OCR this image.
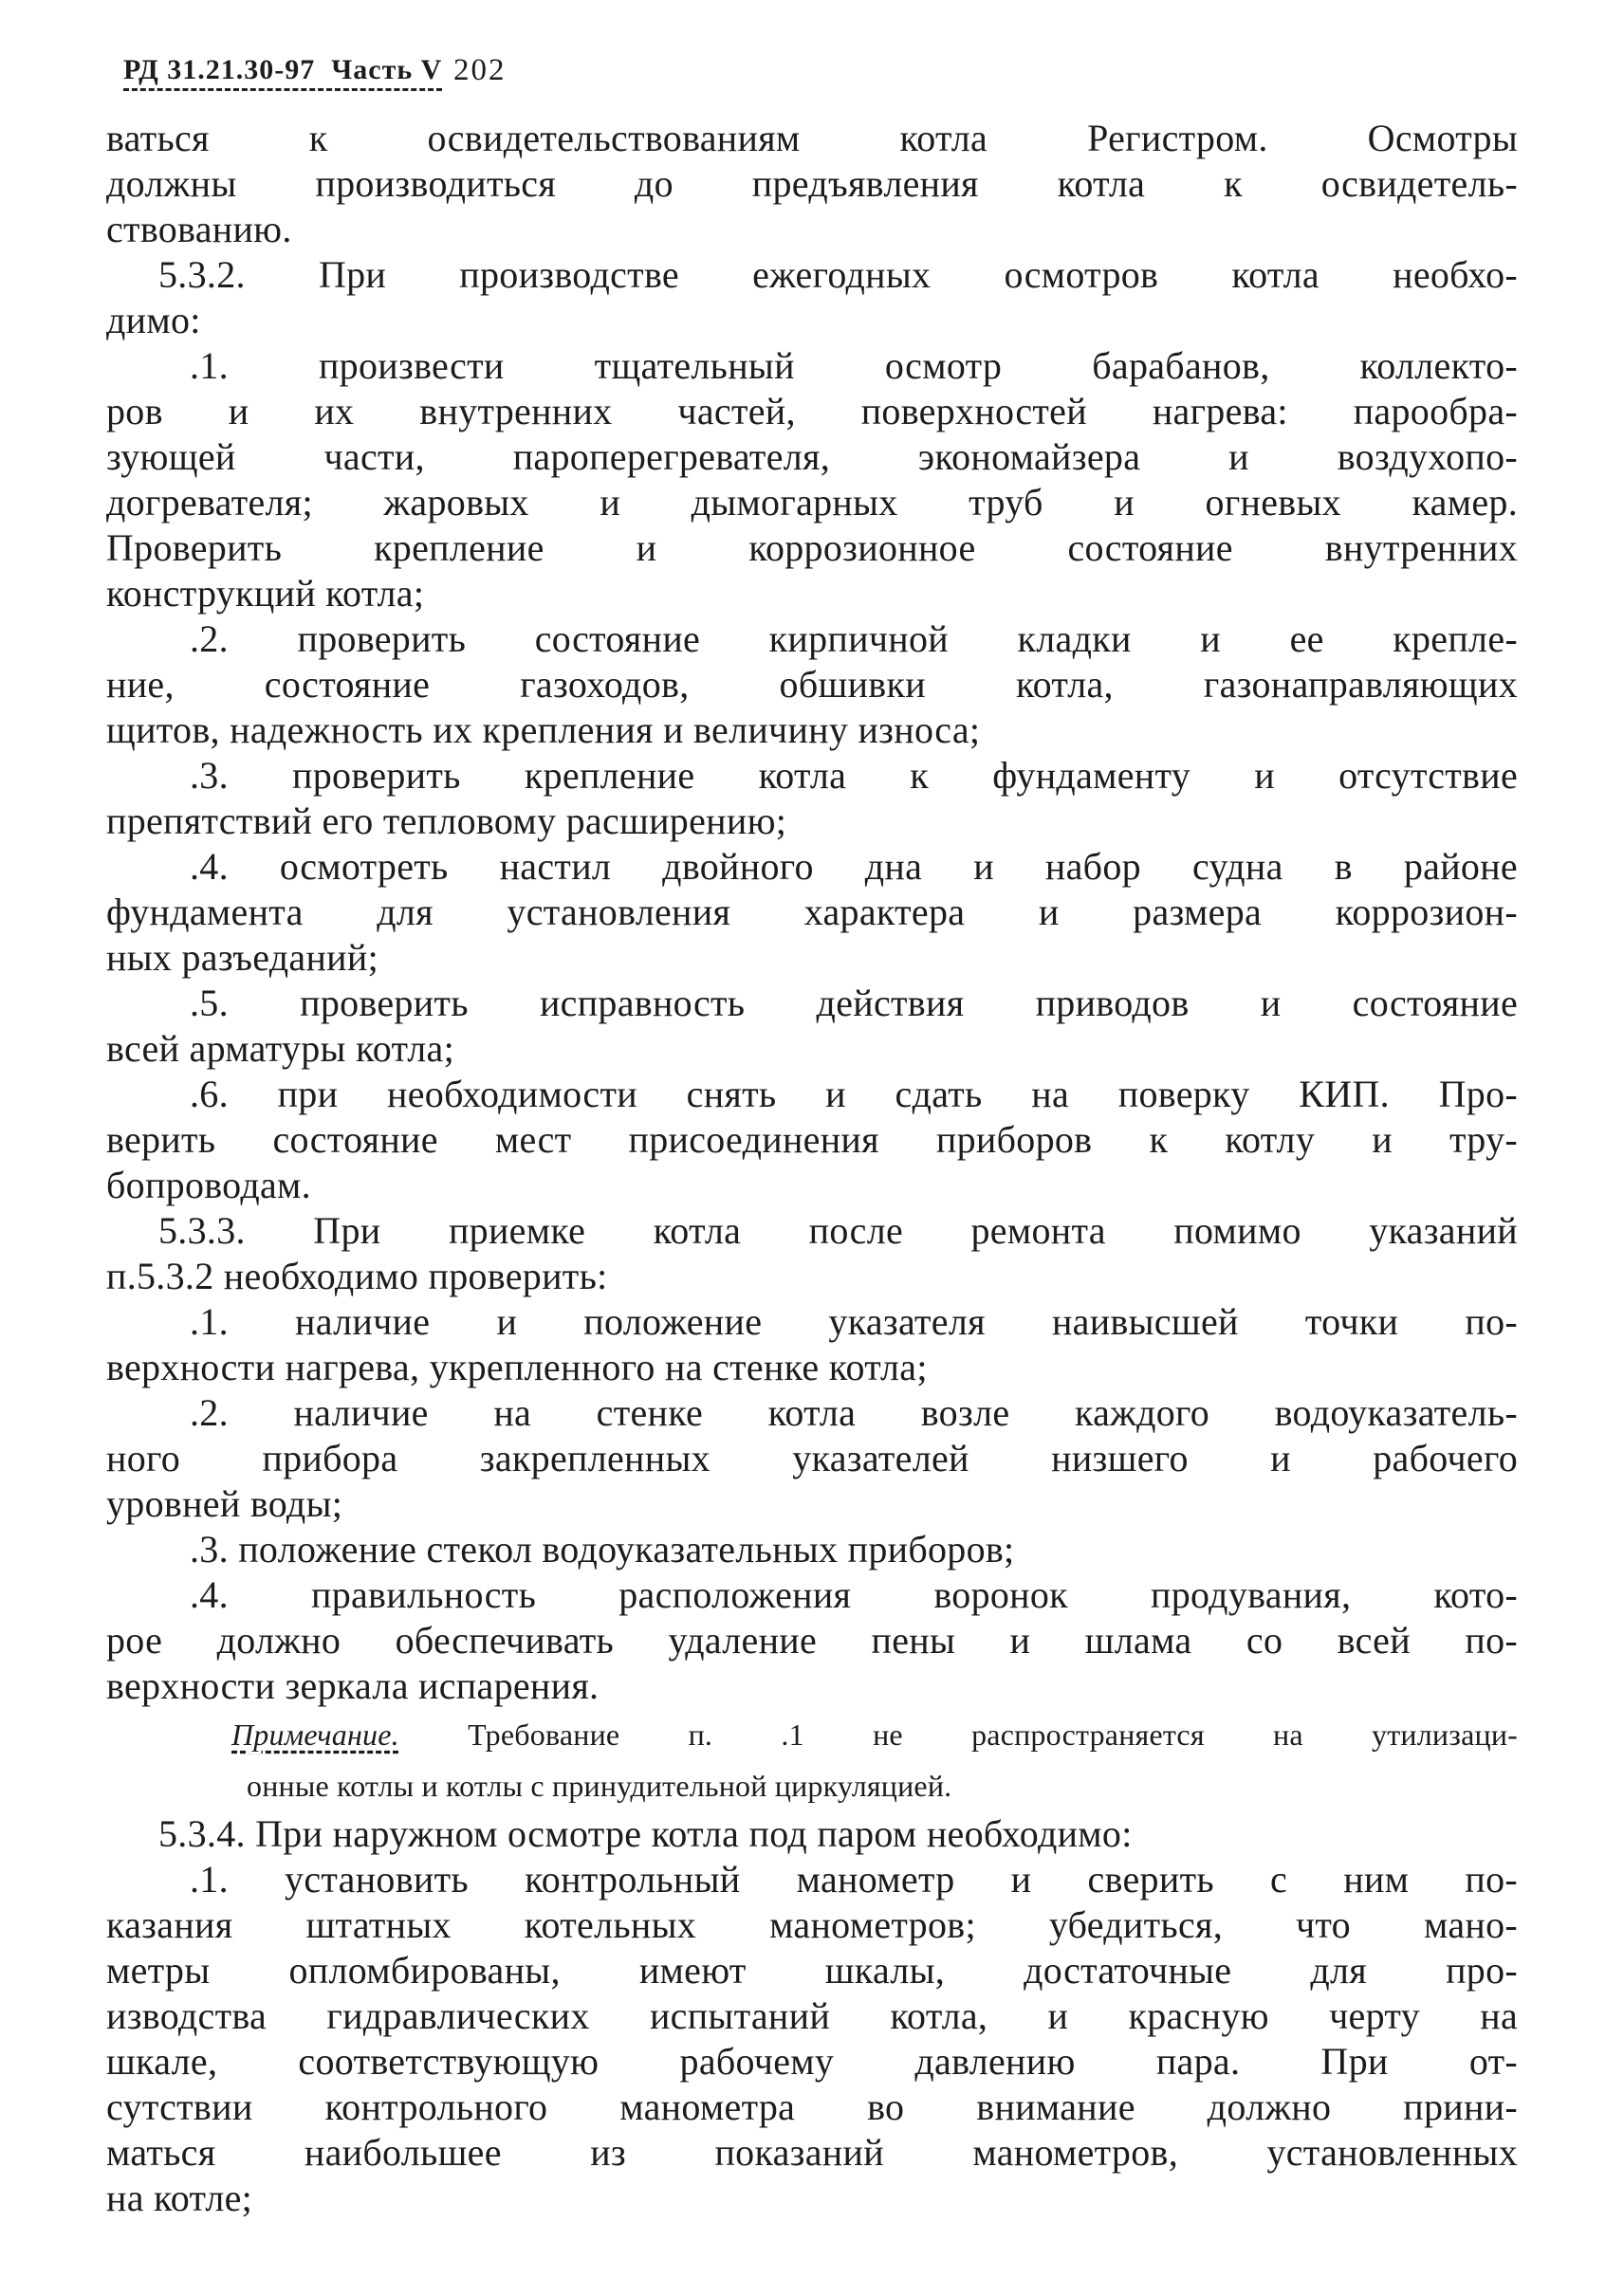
РД 31.21.30-97  Часть V 202
ваться к освидетельствованиям котла Регистром. Осмотры
должны производиться до предъявления котла к освидетель-
ствованию.
5.3.2. При производстве ежегодных осмотров котла необхо-
димо:
.1. произвести тщательный осмотр барабанов, коллекто-
ров и их внутренних частей, поверхностей нагрева: парообра-
зующей части, пароперегревателя, экономайзера и воздухопо-
догревателя; жаровых и дымогарных труб и огневых камер.
Проверить крепление и коррозионное состояние внутренних
конструкций котла;
.2. проверить состояние кирпичной кладки и ее крепле-
ние, состояние газоходов, обшивки котла, газонаправляющих
щитов, надежность их крепления и величину износа;
.3. проверить крепление котла к фундаменту и отсутствие
препятствий его тепловому расширению;
.4. осмотреть настил двойного дна и набор судна в районе
фундамента для установления характера и размера коррозион-
ных разъеданий;
.5. проверить исправность действия приводов и состояние
всей арматуры котла;
.6. при необходимости снять и сдать на поверку КИП. Про-
верить состояние мест присоединения приборов к котлу и тру-
бопроводам.
5.3.3. При приемке котла после ремонта помимо указаний
п.5.3.2 необходимо проверить:
.1. наличие и положение указателя наивысшей точки по-
верхности нагрева, укрепленного на стенке котла;
.2. наличие на стенке котла возле каждого водоуказатель-
ного прибора закрепленных указателей низшего и рабочего
уровней воды;
.3. положение стекол водоуказательных приборов;
.4. правильность расположения воронок продувания, кото-
рое должно обеспечивать удаление пены и шлама со всей по-
верхности зеркала испарения.
Примечание. Требование п. .1 не распространяется на утилизаци-
онные котлы и котлы с принудительной циркуляцией.
5.3.4. При наружном осмотре котла под паром необходимо:
.1. установить контрольный манометр и сверить с ним по-
казания штатных котельных манометров; убедиться, что мано-
метры опломбированы, имеют шкалы, достаточные для про-
изводства гидравлических испытаний котла, и красную черту на
шкале, соответствующую рабочему давлению пара. При от-
сутствии контрольного манометра во внимание должно прини-
маться наибольшее из показаний манометров, установленных
на котле;
